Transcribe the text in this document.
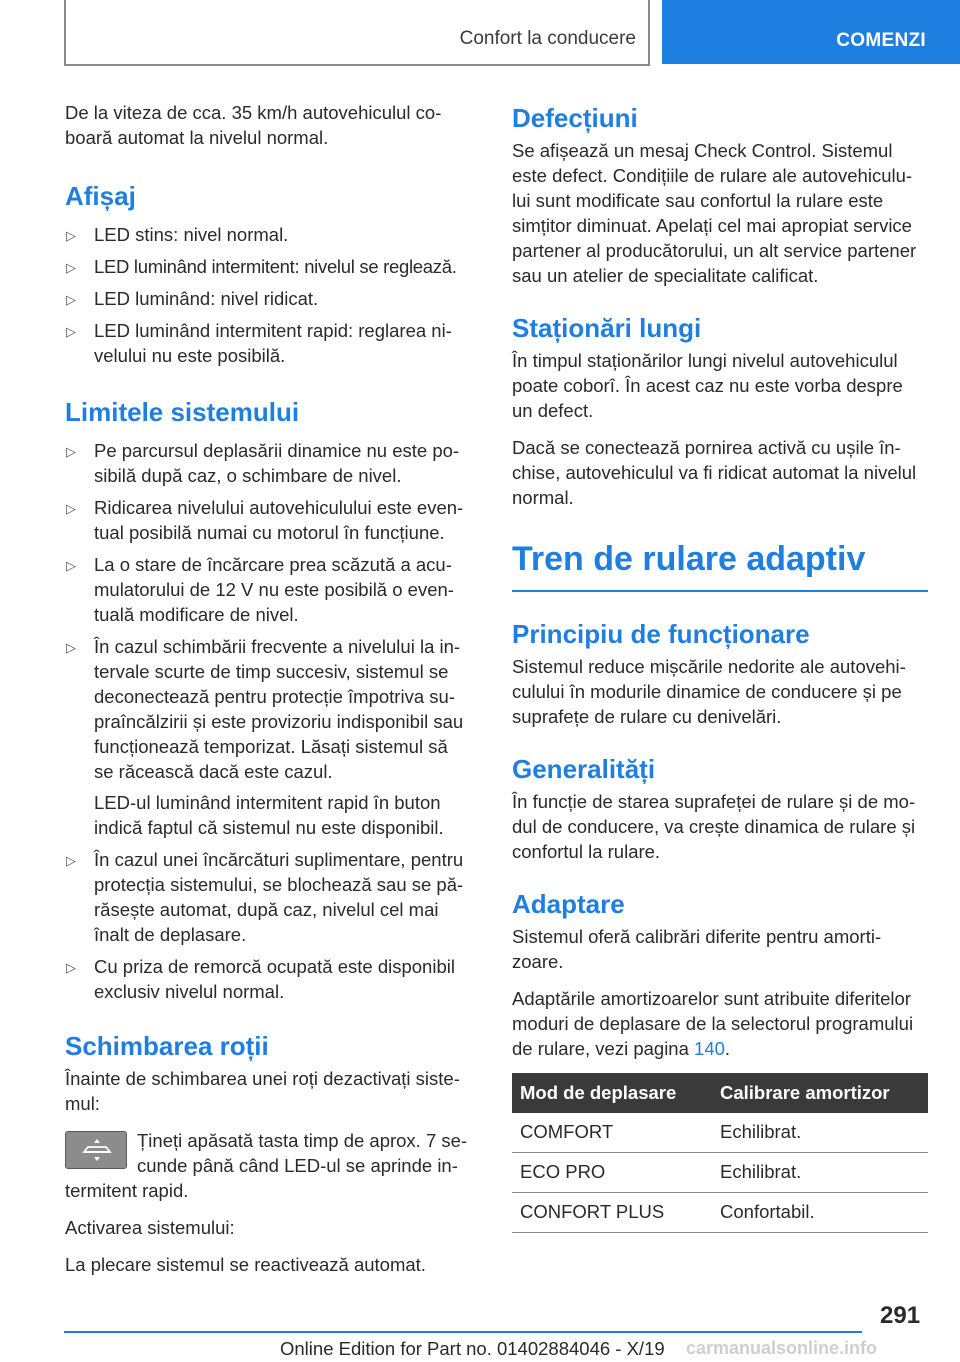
Confort la conducere	COMENZI

De la viteza de cca. 35 km/h autovehiculul co-
boară automat la nivelul normal.

Afișaj
▷ LED stins: nivel normal.
▷ LED luminând intermitent: nivelul se reglează.
▷ LED luminând: nivel ridicat.
▷ LED luminând intermitent rapid: reglarea ni-
velului nu este posibilă.
Limitele sistemului
▷ Pe parcursul deplasării dinamice nu este po-
sibilă după caz, o schimbare de nivel.
▷ Ridicarea nivelului autovehiculului este even-
tual posibilă numai cu motorul în funcțiune.
▷ La o stare de încărcare prea scăzută a acu-
mulatorului de 12 V nu este posibilă o even-
tuală modificare de nivel.
▷ În cazul schimbării frecvente a nivelului la in-
tervale scurte de timp succesiv, sistemul se
deconectează pentru protecție împotriva su-
praîncălzirii și este provizoriu indisponibil sau
funcționează temporizat. Lăsați sistemul să
se răcească dacă este cazul.

LED-ul luminând intermitent rapid în buton
indică faptul că sistemul nu este disponibil.

▷ În cazul unei încărcături suplimentare, pentru
protecția sistemului, se blochează sau se pă-
răsește automat, după caz, nivelul cel mai
înalt de deplasare.
▷ Cu priza de remorcă ocupată este disponibil
exclusiv nivelul normal.
Schimbarea roții

Înainte de schimbarea unei roți dezactivați siste-
mul:

Țineți apăsată tasta timp de aprox. 7 se-
cunde până când LED-ul se aprinde in-

termitent rapid.

Activarea sistemului:

La plecare sistemul se reactivează automat.

Defecțiuni

Se afișează un mesaj Check Control. Sistemul
este defect. Condițiile de rulare ale autovehiculu-
lui sunt modificate sau confortul la rulare este
simțitor diminuat. Apelați cel mai apropiat service
partener al producătorului, un alt service partener
sau un atelier de specialitate calificat.

Staționări lungi

În timpul staționărilor lungi nivelul autovehiculul
poate coborî. În acest caz nu este vorba despre
un defect.

Dacă se conectează pornirea activă cu ușile în-
chise, autovehiculul va fi ridicat automat la nivelul
normal.

Tren de rulare adaptiv
Principiu de funcționare

Sistemul reduce mișcările nedorite ale autovehi-
culului în modurile dinamice de conducere și pe
suprafețe de rulare cu denivelări.

Generalități

În funcție de starea suprafeței de rulare și de mo-
dul de conducere, va crește dinamica de rulare și
confortul la rulare.

Adaptare

Sistemul oferă calibrări diferite pentru amorti-
zoare.

Adaptările amortizoarelor sunt atribuite diferitelor
moduri de deplasare de la selectorul programului
de rulare, vezi pagina 140.

Mod de deplasare	Calibrare amortizor
COMFORT	Echilibrat.
ECO PRO	Echilibrat.
CONFORT PLUS	Confortabil.
291
Online Edition for Part no. 01402884046 - X/19 carmanualsonline.info
